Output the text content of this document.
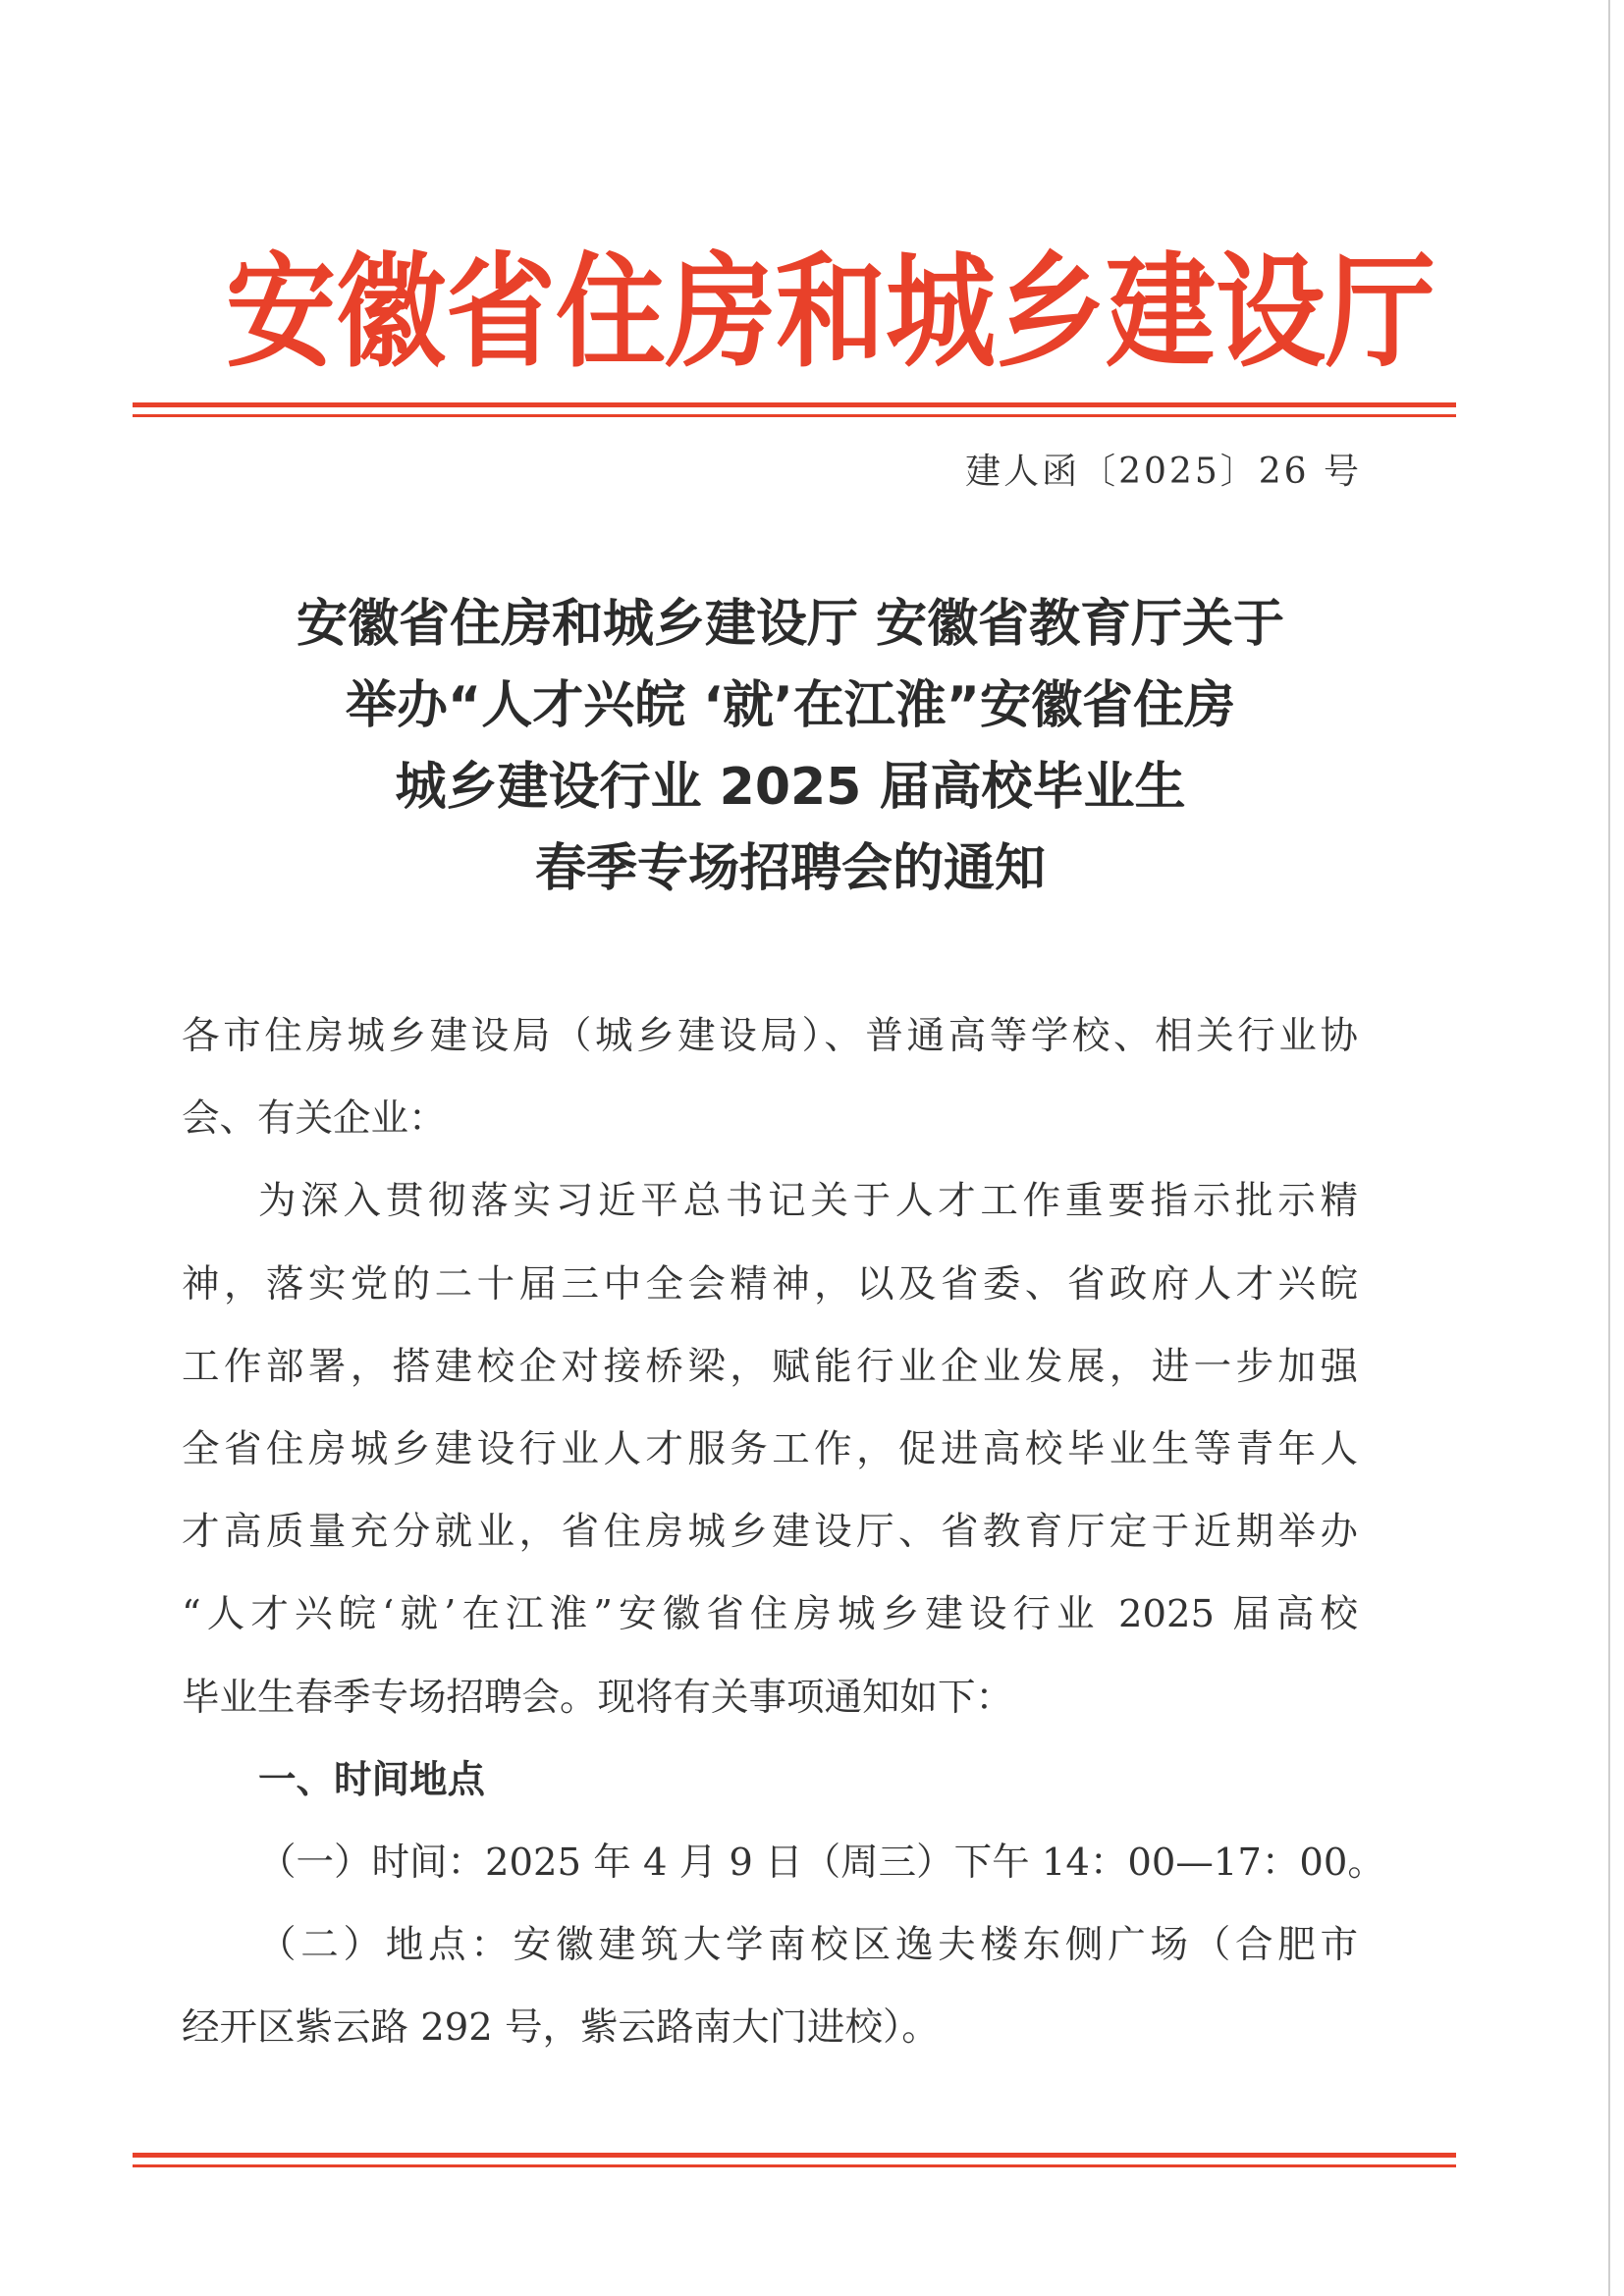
安徽省住房和城乡建设厅
建人函〔2025〕26 号
安徽省住房和城乡建设厅 安徽省教育厅关于
举办“人才兴皖 ‘就’在江淮”安徽省住房
城乡建设行业 2025 届高校毕业生
春季专场招聘会的通知
各市住房城乡建设局（城乡建设局）、普通高等学校、相关行业协
会、有关企业：
为深入贯彻落实习近平总书记关于人才工作重要指示批示精
神，落实党的二十届三中全会精神，以及省委、省政府人才兴皖
工作部署，搭建校企对接桥梁，赋能行业企业发展，进一步加强
全省住房城乡建设行业人才服务工作，促进高校毕业生等青年人
才高质量充分就业，省住房城乡建设厅、省教育厅定于近期举办
“人才兴皖‘就’在江淮”安徽省住房城乡建设行业 2025 届高校
毕业生春季专场招聘会。现将有关事项通知如下：
一、时间地点
（一）时间：2025 年 4 月 9 日（周三）下午 14：00—17：00。
（二）地点：安徽建筑大学南校区逸夫楼东侧广场（合肥市
经开区紫云路 292 号，紫云路南大门进校）。
